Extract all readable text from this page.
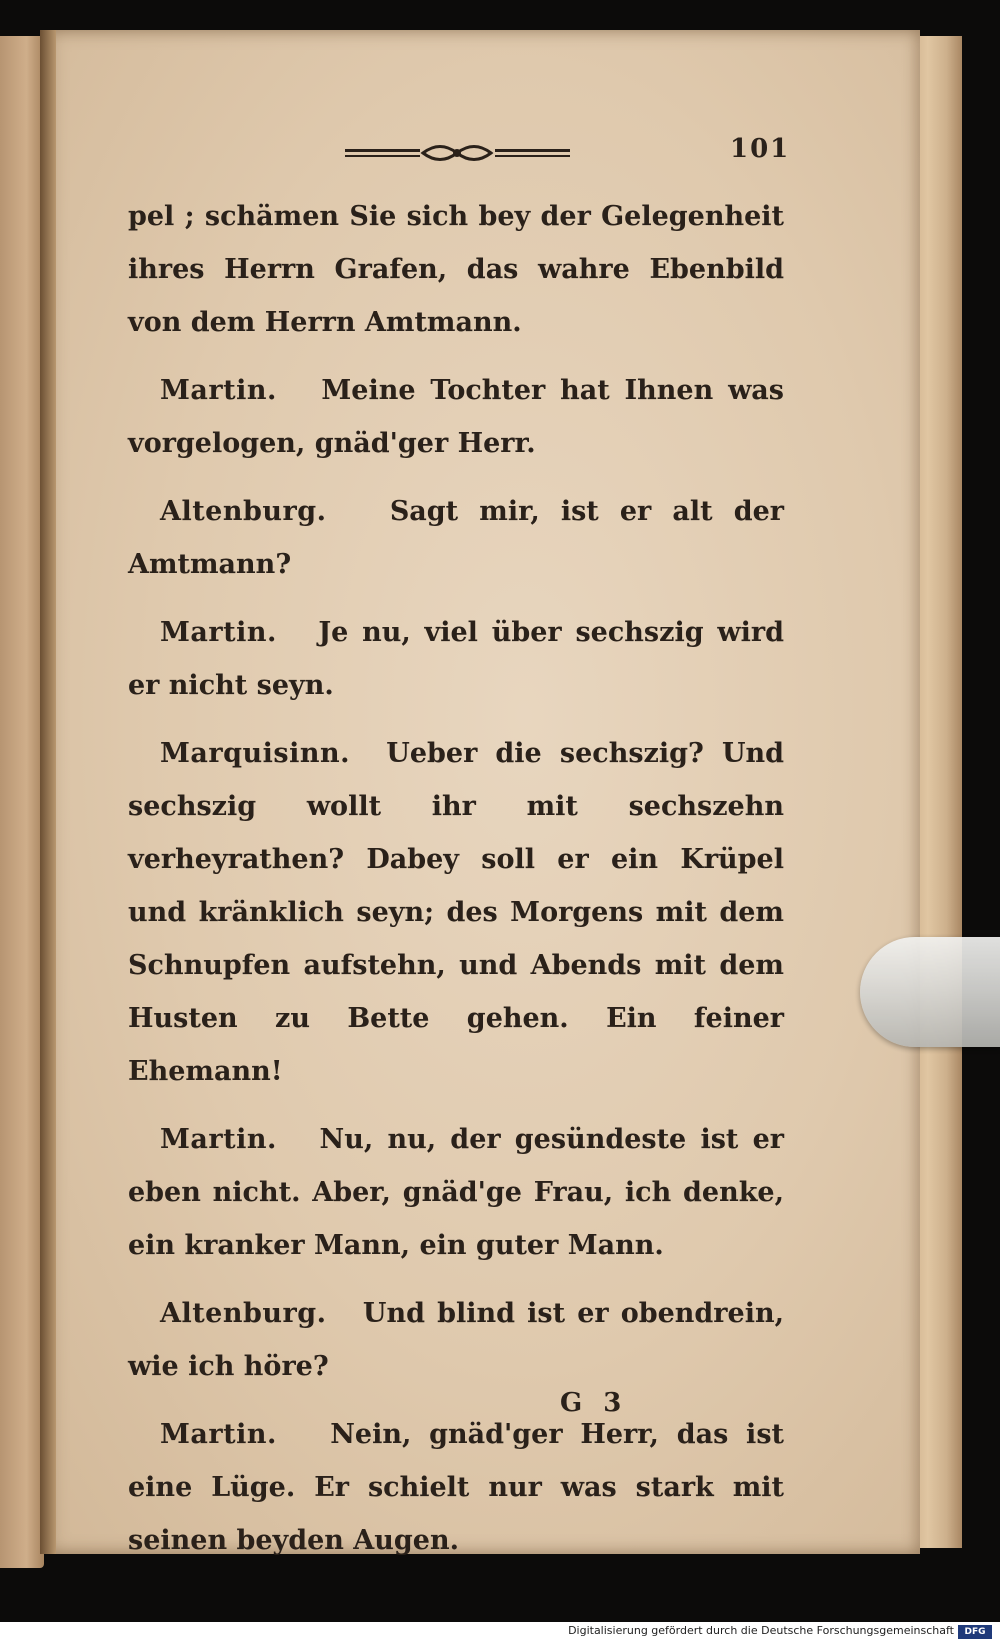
101

pel ; schämen Sie sich bey der Gelegenheit ihres Herrn Grafen, das wahre Ebenbild von dem Herrn Amtmann.

Martin. Meine Tochter hat Ihnen was vorgelogen, gnäd'ger Herr.

Altenburg. Sagt mir, ist er alt der Amtmann?

Martin. Je nu, viel über sechszig wird er nicht seyn.

Marquisinn. Ueber die sechszig? Und sechszig wollt ihr mit sechszehn verheyrathen? Dabey soll er ein Krüpel und kränklich seyn; des Morgens mit dem Schnupfen aufstehn, und Abends mit dem Husten zu Bette gehen. Ein feiner Ehemann!

Martin. Nu, nu, der gesündeste ist er eben nicht. Aber, gnäd'ge Frau, ich denke, ein kranker Mann, ein guter Mann.

Altenburg. Und blind ist er obendrein, wie ich höre?

Martin. Nein, gnäd'ger Herr, das ist eine Lüge. Er schielt nur was stark mit seinen beyden Augen.

G 3
Digitalisierung gefördert durch die Deutsche Forschungsgemeinschaft	DFG
